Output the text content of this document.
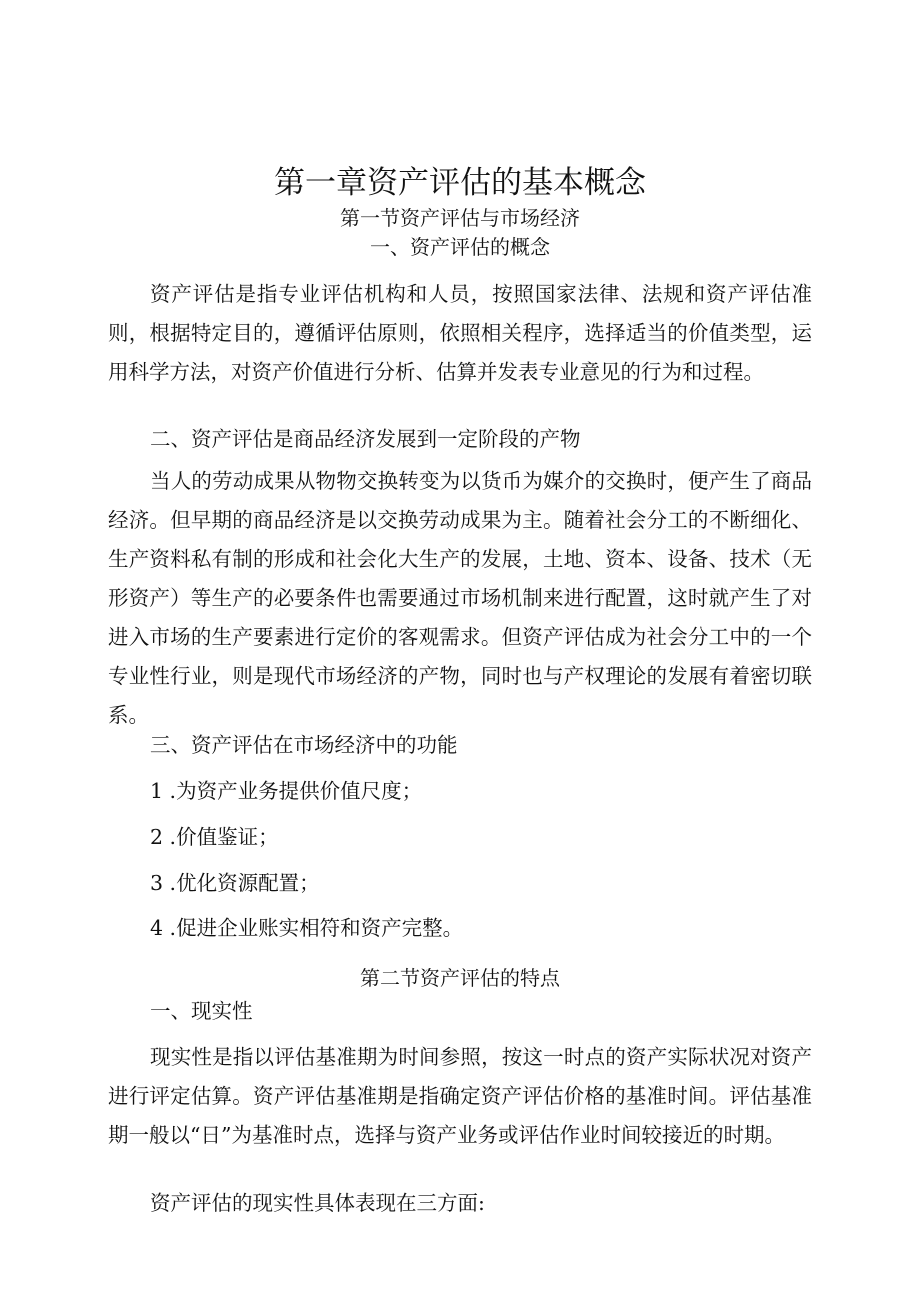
第一章资产评估的基本概念
第一节资产评估与市场经济
一、资产评估的概念

资产评估是指专业评估机构和人员，按照国家法律、法规和资产评估准则，根据特定目的，遵循评估原则，依照相关程序，选择适当的价值类型，运用科学方法，对资产价值进行分析、估算并发表专业意见的行为和过程。

二、资产评估是商品经济发展到一定阶段的产物

当人的劳动成果从物物交换转变为以货币为媒介的交换时，便产生了商品经济。但早期的商品经济是以交换劳动成果为主。随着社会分工的不断细化、生产资料私有制的形成和社会化大生产的发展，土地、资本、设备、技术（无形资产）等生产的必要条件也需要通过市场机制来进行配置，这时就产生了对进入市场的生产要素进行定价的客观需求。但资产评估成为社会分工中的一个专业性行业，则是现代市场经济的产物，同时也与产权理论的发展有着密切联系。

三、资产评估在市场经济中的功能
1 .为资产业务提供价值尺度；
2 .价值鉴证；
3 .优化资源配置；
4 .促进企业账实相符和资产完整。
第二节资产评估的特点
一、现实性

现实性是指以评估基准期为时间参照，按这一时点的资产实际状况对资产进行评定估算。资产评估基准期是指确定资产评估价格的基准时间。评估基准期一般以“日”为基准时点，选择与资产业务或评估作业时间较接近的时期。

资产评估的现实性具体表现在三方面:
